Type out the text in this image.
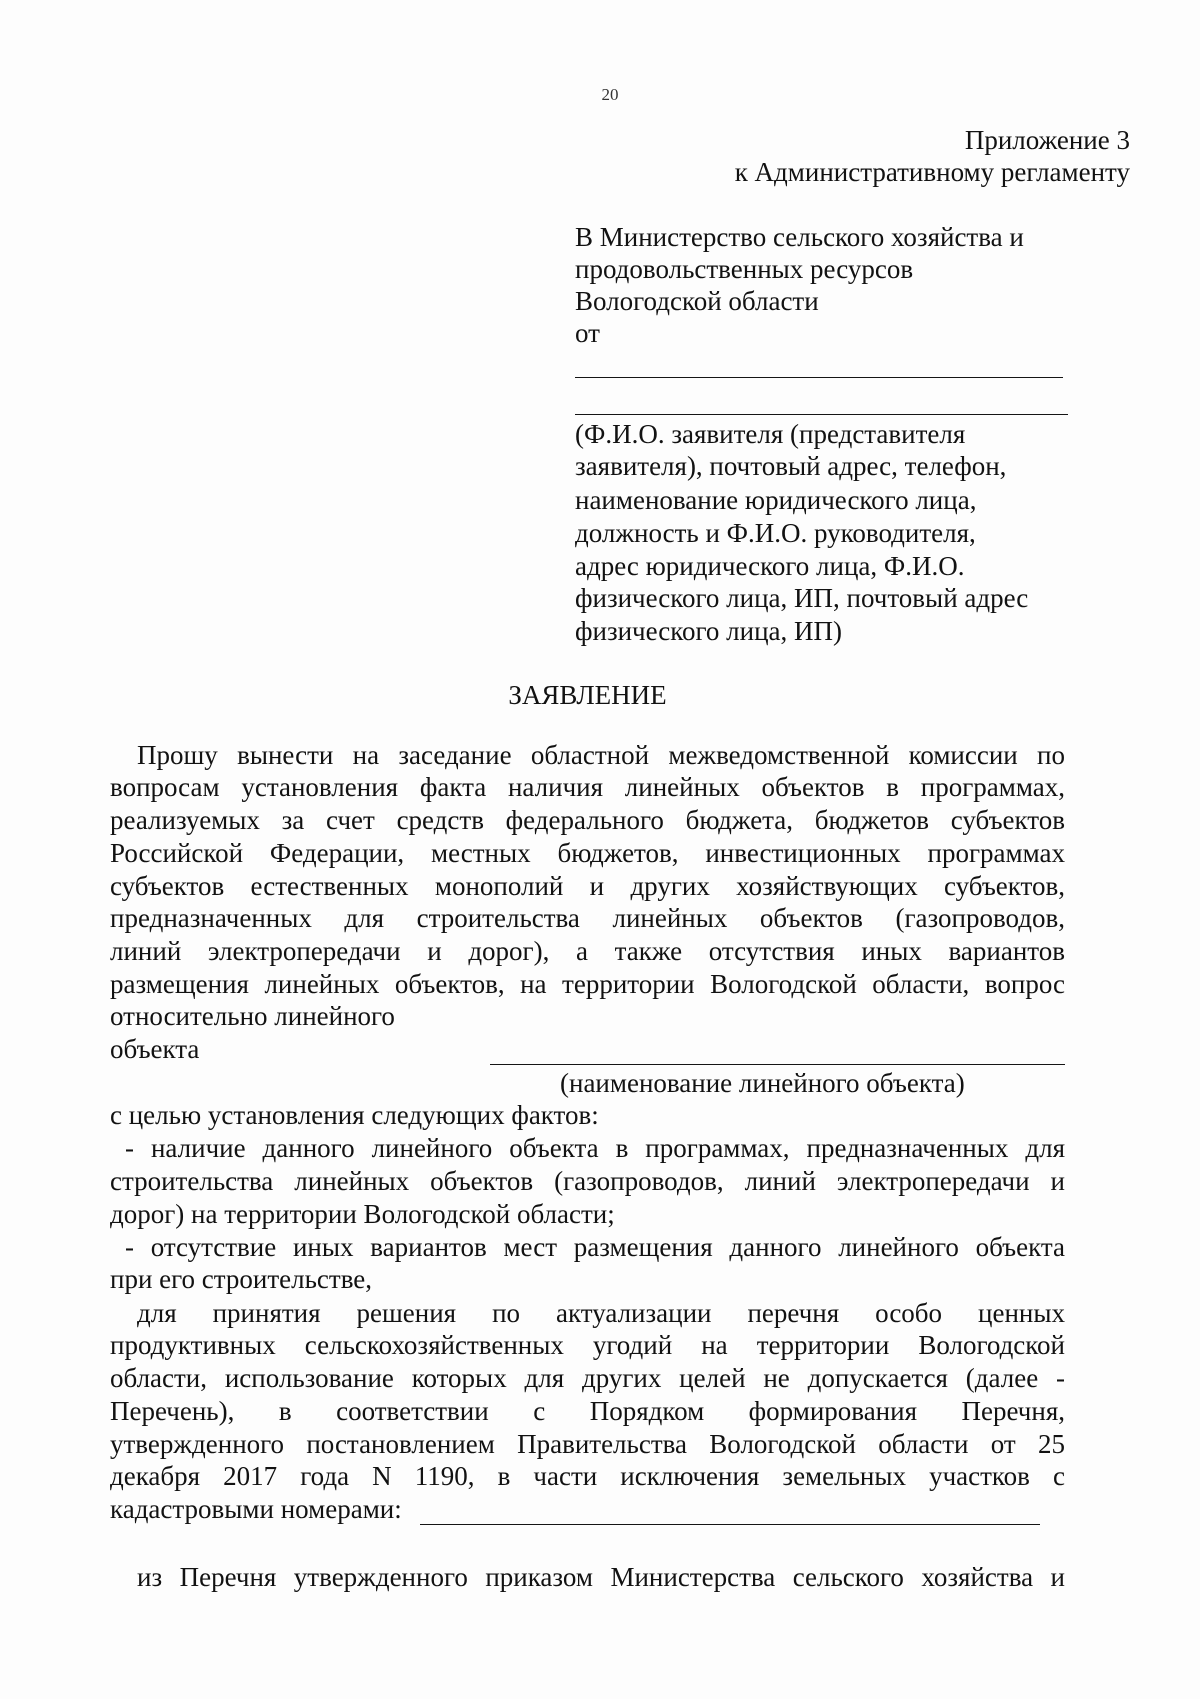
20
Приложение 3
к Административному регламенту
В Министерство сельского хозяйства и
продовольственных ресурсов
Вологодской области
от
(Ф.И.О. заявителя (представителя
заявителя), почтовый адрес, телефон,
наименование юридического лица,
должность и Ф.И.О. руководителя,
адрес юридического лица, Ф.И.О.
физического лица, ИП, почтовый адрес
физического лица, ИП)
ЗАЯВЛЕНИЕ
Прошу вынести на заседание областной межведомственной комиссии по
вопросам установления факта наличия линейных объектов в программах,
реализуемых за счет средств федерального бюджета, бюджетов субъектов
Российской Федерации, местных бюджетов, инвестиционных программах
субъектов естественных монополий и других хозяйствующих субъектов,
предназначенных для строительства линейных объектов (газопроводов,
линий электропередачи и дорог), а также отсутствия иных вариантов
размещения линейных объектов, на территории Вологодской области, вопрос
относительно линейного
объекта
(наименование линейного объекта)
с целью установления следующих фактов:
- наличие данного линейного объекта в программах, предназначенных для
строительства линейных объектов (газопроводов, линий электропередачи и
дорог) на территории Вологодской области;
- отсутствие иных вариантов мест размещения данного линейного объекта
при его строительстве,
для принятия решения по актуализации перечня особо ценных
продуктивных сельскохозяйственных угодий на территории Вологодской
области, использование которых для других целей не допускается (далее -
Перечень), в соответствии с Порядком формирования Перечня,
утвержденного постановлением Правительства Вологодской области от 25
декабря 2017 года N 1190, в части исключения земельных участков с
кадастровыми номерами:
из Перечня утвержденного приказом Министерства сельского хозяйства и
